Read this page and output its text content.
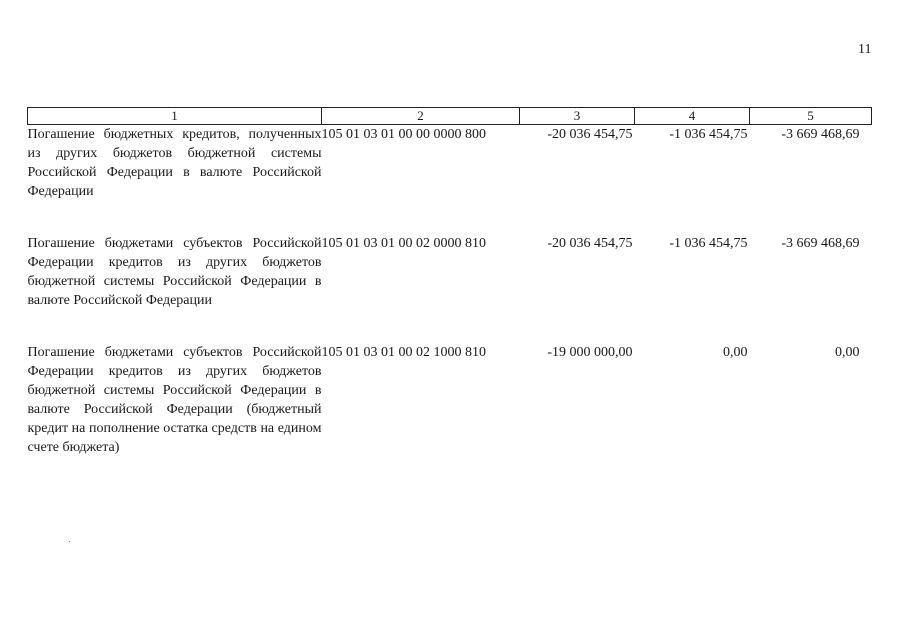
11
1	2	3	4	5
Погашение бюджетных кредитов, полученных из других бюджетов бюджетной системы Российской Федерации в валюте Российской Федерации	105 01 03 01 00 00 0000 800	-20 036 454,75	-1 036 454,75	-3 669 468,69
Погашение бюджетами субъектов Российской Федерации кредитов из других бюджетов бюджетной системы Российской Федерации в валюте Российской Федерации	105 01 03 01 00 02 0000 810	-20 036 454,75	-1 036 454,75	-3 669 468,69
Погашение бюджетами субъектов Российской Федерации кредитов из других бюджетов бюджетной системы Российской Федерации в валюте Российской Федерации (бюджетный кредит на пополнение остатка средств на едином счете бюджета)	105 01 03 01 00 02 1000 810	-19 000 000,00	0,00	0,00
